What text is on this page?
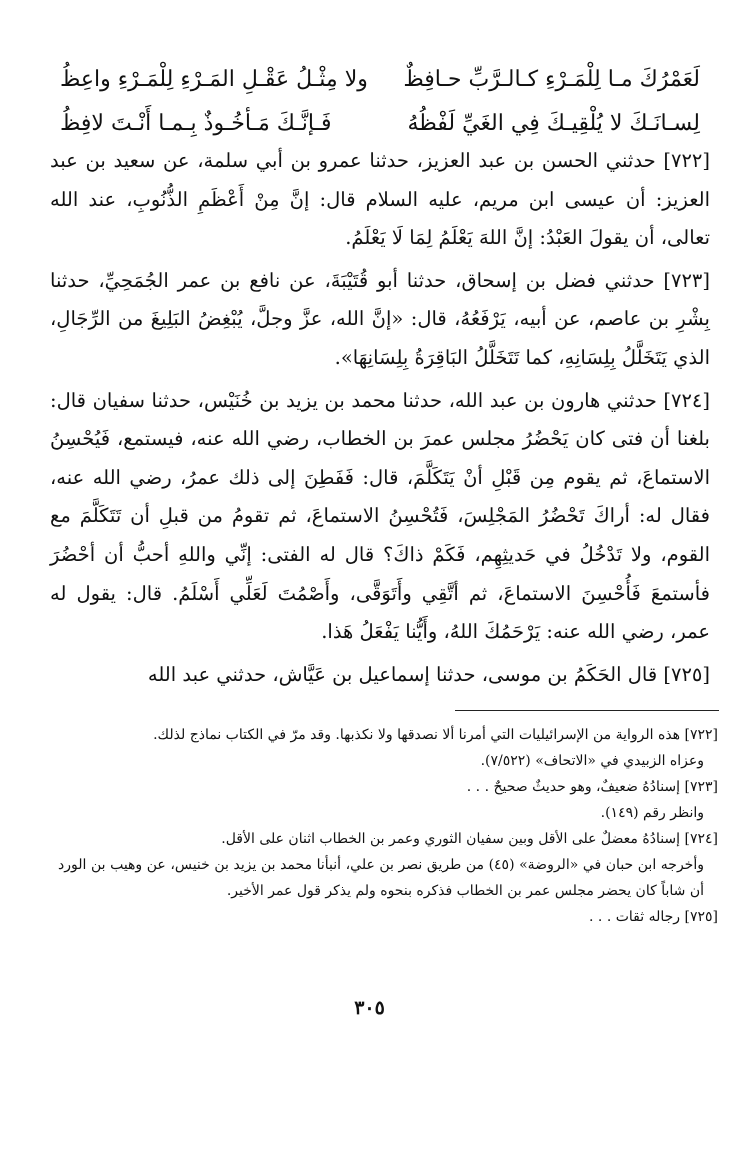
لَعَمْرُكَ مـا لِلْمَـرْءِ كـالـرَّبِّ حـافِظٌ
ولا مِثْـلُ عَقْـلِ المَـرْءِ لِلْمَـرْءِ واعِظُ
لِسـانَـكَ لا يُلْقِيـكَ فِي الغَيِّ لَفْظُهُ
فَـإنَّـكَ مَـأخُـوذٌ بِـمـا أَنْـتَ لافِظُ

[٧٢٢] حدثني الحسن بن عبد العزيز، حدثنا عمرو بن أبي سلمة، عن سعيد بن عبد العزيز: أن عيسى ابن مريم، عليه السلام قال: إنَّ مِنْ أَعْظَمِ الذُّنُوبِ، عند الله تعالى، أن يقولَ العَبْدُ: إنَّ اللهَ يَعْلَمُ لِمَا لَا يَعْلَمُ.

[٧٢٣] حدثني فضل بن إسحاق، حدثنا أبو قُتَيْبَةَ، عن نافع بن عمر الجُمَحِيِّ، حدثنا بِشْرِ بن عاصم، عن أبيه، يَرْفَعُهُ، قال: «إنَّ الله، عزَّ وجلَّ، يُبْغِضُ البَلِيغَ من الرِّجَالِ، الذي يَتَخَلَّلُ بِلِسَانِهِ، كما تَتَخَلَّلُ البَاقِرَةُ بِلِسَانِهَا».

[٧٢٤] حدثني هارون بن عبد الله، حدثنا محمد بن يزيد بن خُنَيْس، حدثنا سفيان قال: بلغنا أن فتى كان يَحْضُرُ مجلس عمرَ بن الخطاب، رضي الله عنه، فيستمع، فَيُحْسِنُ الاستماعَ، ثم يقوم مِن قَبْلِ أنْ يَتَكَلَّمَ، قال: فَفَطِنَ إلى ذلك عمرُ، رضي الله عنه، فقال له: أراكَ تَحْضُرُ المَجْلِسَ، فَتُحْسِنُ الاستماعَ، ثم تقومُ من قبلِ أن تَتَكَلَّمَ مع القوم، ولا تَدْخُلُ في حَديثِهِم، فَكَمْ ذاكَ؟ قال له الفتى: إنِّي واللهِ أحبُّ أن أحْضُرَ فأستمعَ فَأُحْسِنَ الاستماعَ، ثم أتَّقِي وأَتَوَقَّى، وأَصْمُتَ لَعَلِّي أَسْلَمُ. قال: يقول له عمر، رضي الله عنه: يَرْحَمُكَ اللهُ، وأَيُّنا يَفْعَلُ هَذا.

[٧٢٥] قال الحَكَمُ بن موسى، حدثنا إسماعيل بن عَيَّاش، حدثني عبد الله

[٧٢٢] هذه الرواية من الإسرائيليات التي أمرنا ألا نصدقها ولا نكذبها. وقد مرّ في الكتاب نماذج لذلك.

وعزاه الزبيدي في «الاتحاف» (٧/٥٢٢).

[٧٢٣] إسنادُهُ ضعيفٌ، وهو حديثٌ صحيحٌ . . .

وانظر رقم (١٤٩).

[٧٢٤] إسنادُهُ معضلٌ على الأقل وبين سفيان الثوري وعمر بن الخطاب اثنان على الأقل.

وأخرجه ابن حبان في «الروضة» (٤٥) من طريق نصر بن علي، أنبأنا محمد بن يزيد بن خنيس، عن وهيب بن الورد أن شاباً كان يحضر مجلس عمر بن الخطاب فذكره بنحوه ولم يذكر قول عمر الأخير.

[٧٢٥] رجاله ثقات . . .

٣٠٥
